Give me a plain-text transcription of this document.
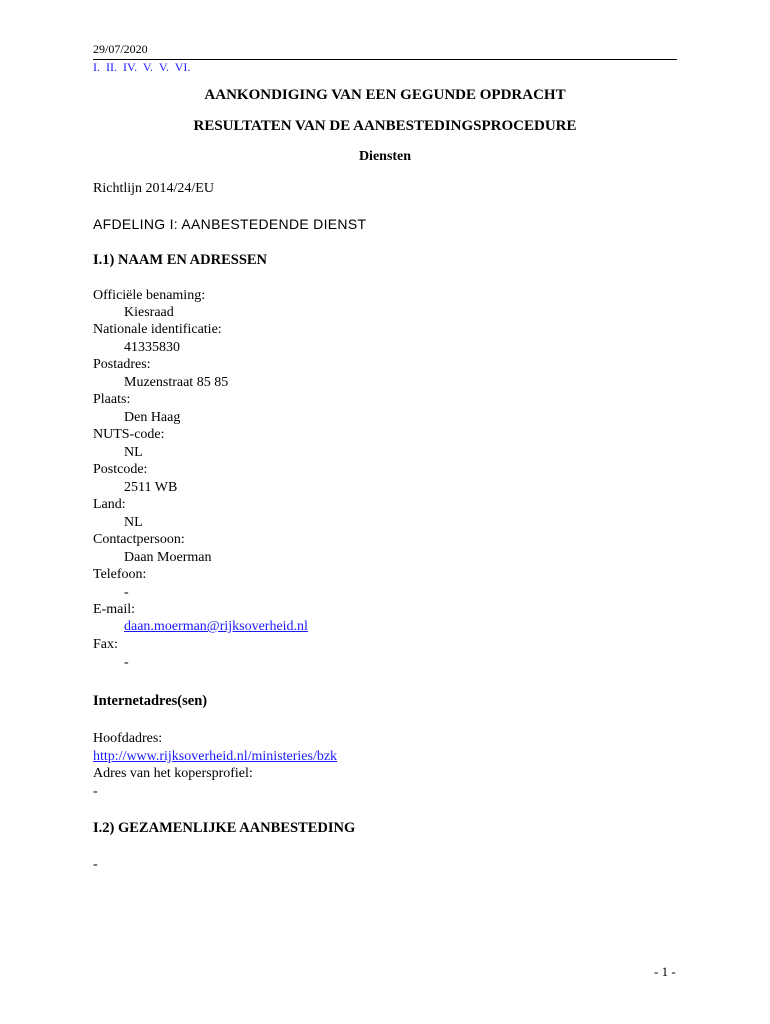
29/07/2020
I. II. IV. V. V. VI.
AANKONDIGING VAN EEN GEGUNDE OPDRACHT
RESULTATEN VAN DE AANBESTEDINGSPROCEDURE
Diensten
Richtlijn 2014/24/EU
AFDELING I: AANBESTEDENDE DIENST
I.1) NAAM EN ADRESSEN
Officiële benaming:
Kiesraad
Nationale identificatie:
41335830
Postadres:
Muzenstraat 85 85
Plaats:
Den Haag
NUTS-code:
NL
Postcode:
2511 WB
Land:
NL
Contactpersoon:
Daan Moerman
Telefoon:
-
E-mail:
daan.moerman@rijksoverheid.nl
Fax:
-
Internetadres(sen)
Hoofdadres:
http://www.rijksoverheid.nl/ministeries/bzk
Adres van het kopersprofiel:
-
I.2) GEZAMENLIJKE AANBESTEDING
-
- 1 -
